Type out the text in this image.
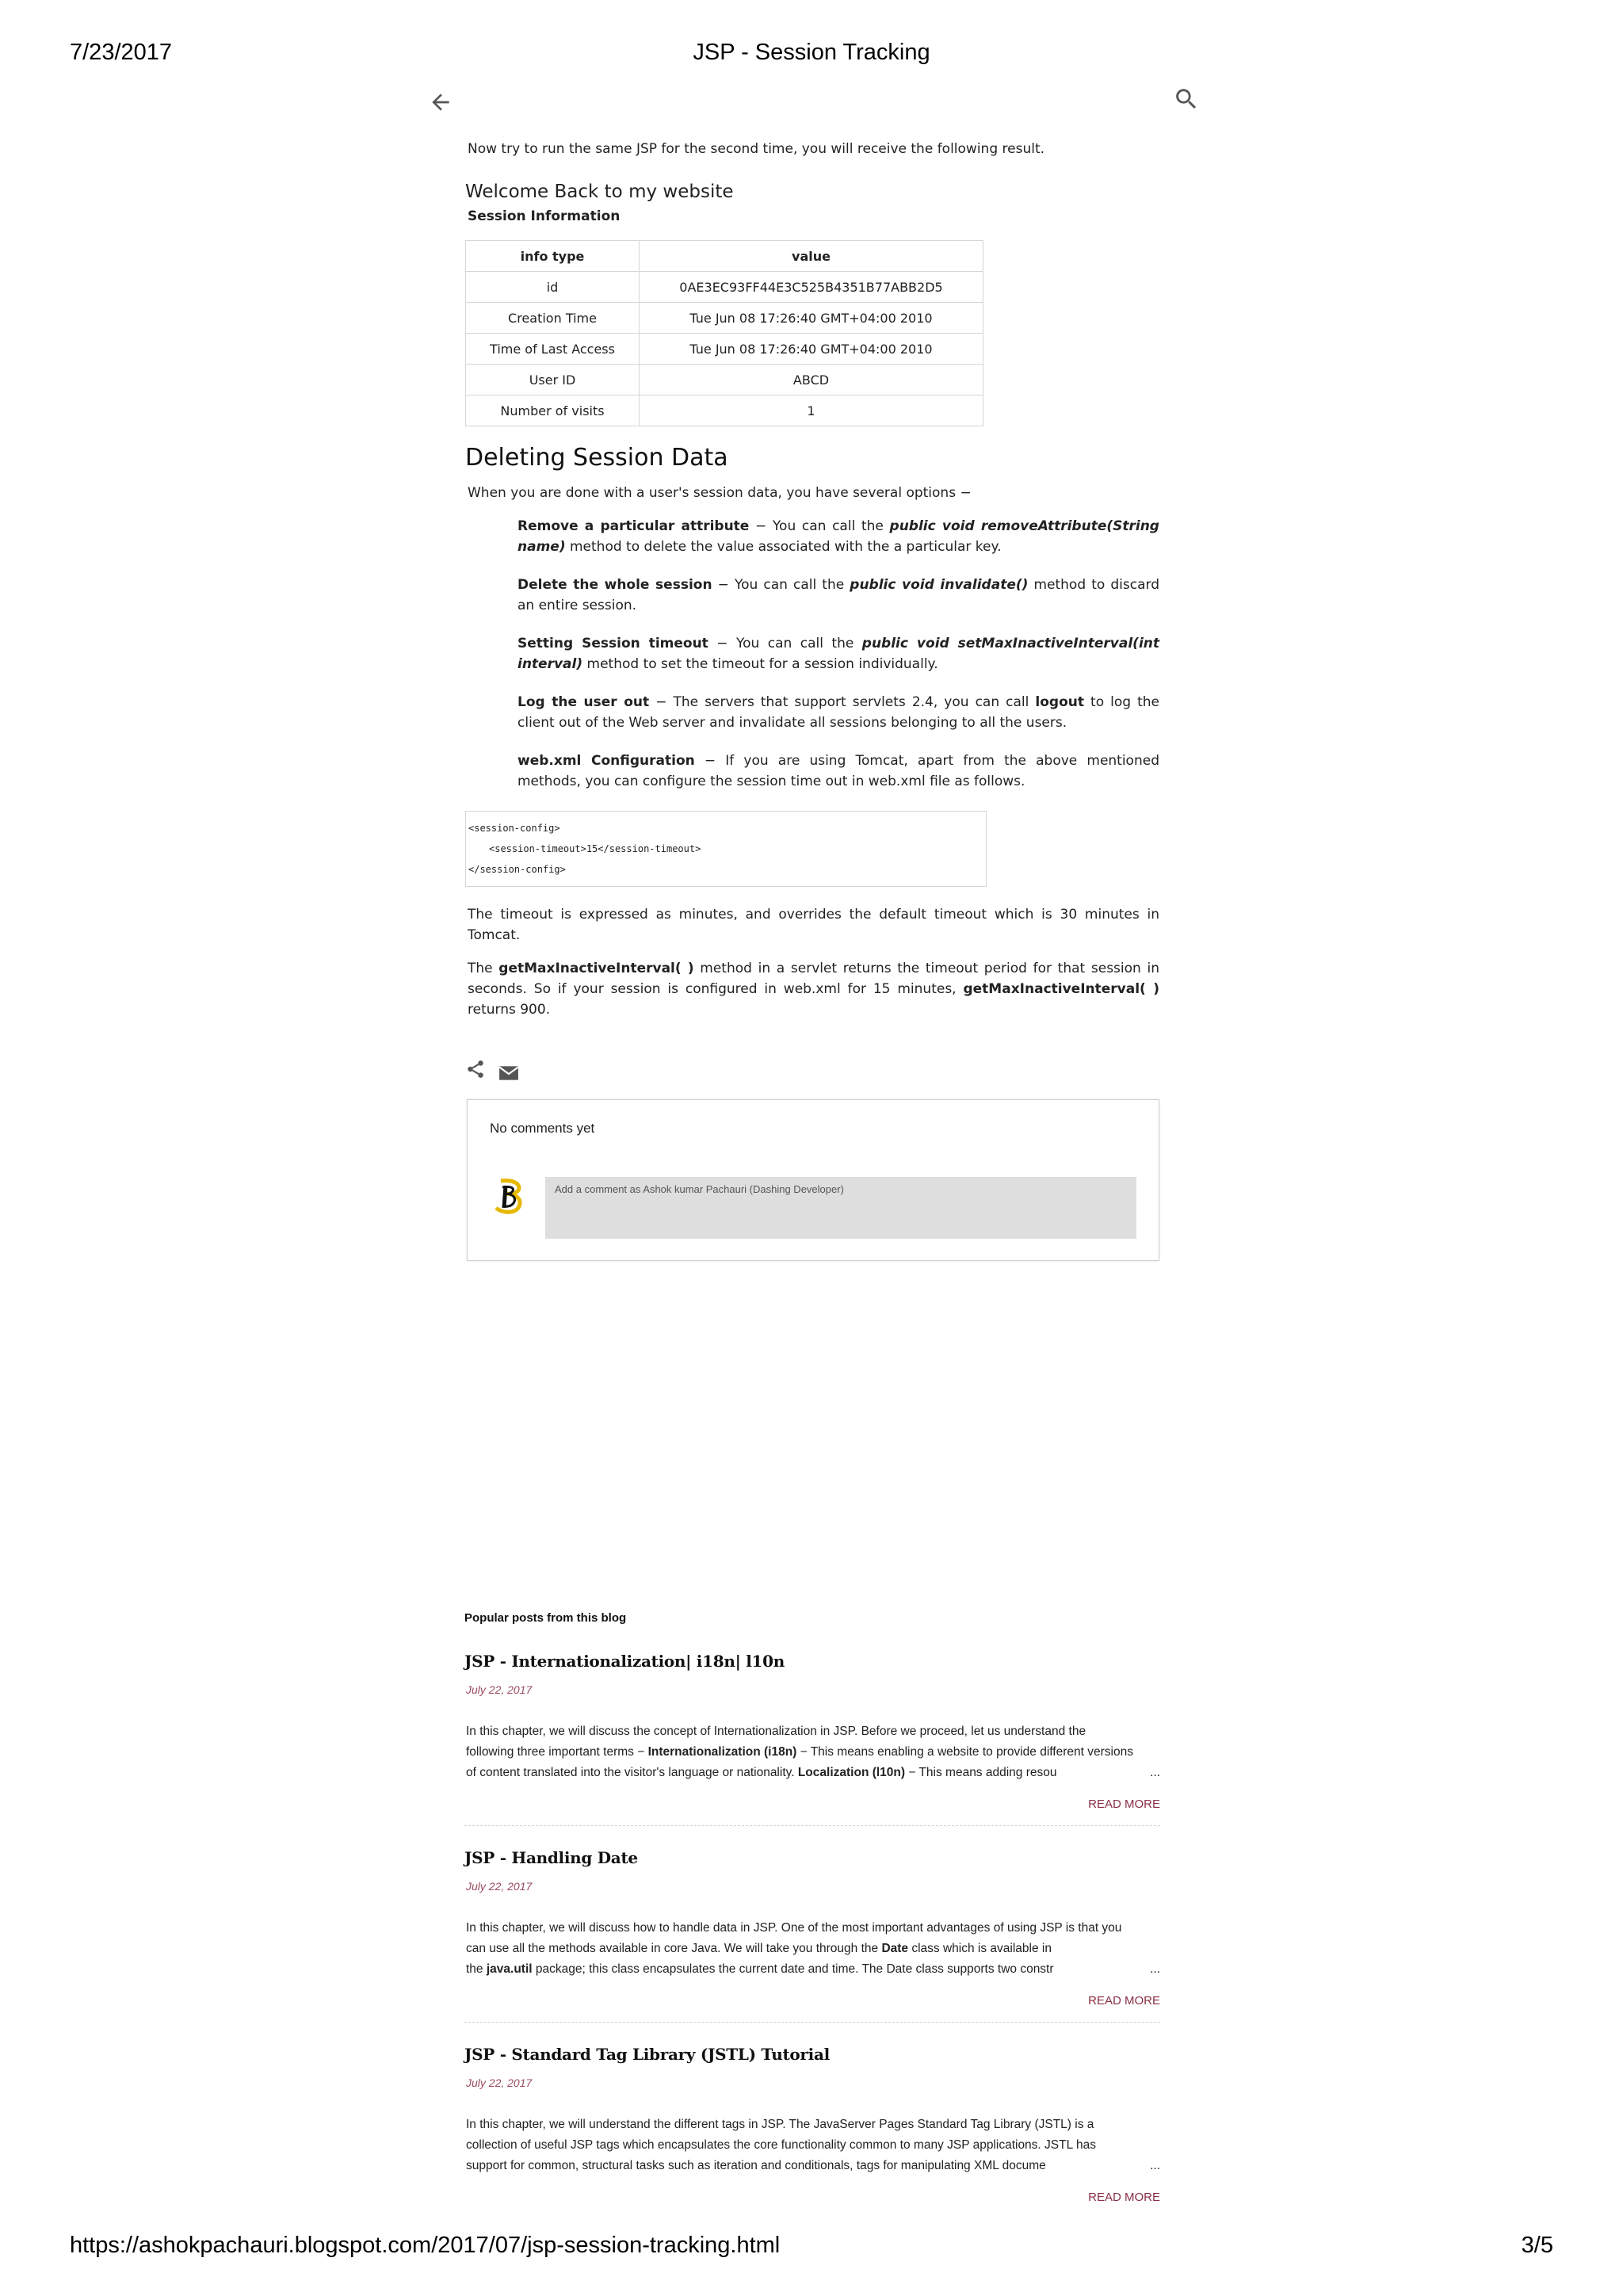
7/23/2017	JSP - Session Tracking

Now try to run the same JSP for the second time, you will receive the following result.

Welcome Back to my website
Session Information
info type	value
id	0AE3EC93FF44E3C525B4351B77ABB2D5
Creation Time	Tue Jun 08 17:26:40 GMT+04:00 2010
Time of Last Access	Tue Jun 08 17:26:40 GMT+04:00 2010
User ID	ABCD
Number of visits	1
Deleting Session Data

When you are done with a user's session data, you have several options −

Remove a particular attribute − You can call the public void removeAttribute(String name) method to delete the value associated with the a particular key.
Delete the whole session − You can call the public void invalidate() method to discard an entire session.
Setting Session timeout − You can call the public void setMaxInactiveInterval(int interval) method to set the timeout for a session individually.
Log the user out − The servers that support servlets 2.4, you can call logout to log the client out of the Web server and invalidate all sessions belonging to all the users.
web.xml Configuration − If you are using Tomcat, apart from the above mentioned methods, you can configure the session time out in web.xml file as follows.
<session-config>
<session-timeout>15</session-timeout>
</session-config>

The timeout is expressed as minutes, and overrides the default timeout which is 30 minutes in Tomcat.

The getMaxInactiveInterval( ) method in a servlet returns the timeout period for that session in seconds. So if your session is configured in web.xml for 15 minutes, getMaxInactiveInterval( ) returns 900.

No comments yet
Add a comment as Ashok kumar Pachauri (Dashing Developer)
Popular posts from this blog
JSP - Internationalization| i18n| l10n
July 22, 2017
In this chapter, we will discuss the concept of Internationalization in JSP. Before we proceed, let us understand the
following three important terms − Internationalization (i18n) − This means enabling a website to provide different versions
of content translated into the visitor's language or nationality. Localization (l10n) − This means adding resou	...
READ MORE
JSP - Handling Date
July 22, 2017
In this chapter, we will discuss how to handle data in JSP. One of the most important advantages of using JSP is that you
can use all the methods available in core Java. We will take you through the Date class which is available in
the java.util package; this class encapsulates the current date and time. The Date class supports two constr	...
READ MORE
JSP - Standard Tag Library (JSTL) Tutorial
July 22, 2017
In this chapter, we will understand the different tags in JSP. The JavaServer Pages Standard Tag Library (JSTL) is a
collection of useful JSP tags which encapsulates the core functionality common to many JSP applications. JSTL has
support for common, structural tasks such as iteration and conditionals, tags for manipulating XML docume	...
READ MORE
https://ashokpachauri.blogspot.com/2017/07/jsp-session-tracking.html	3/5
